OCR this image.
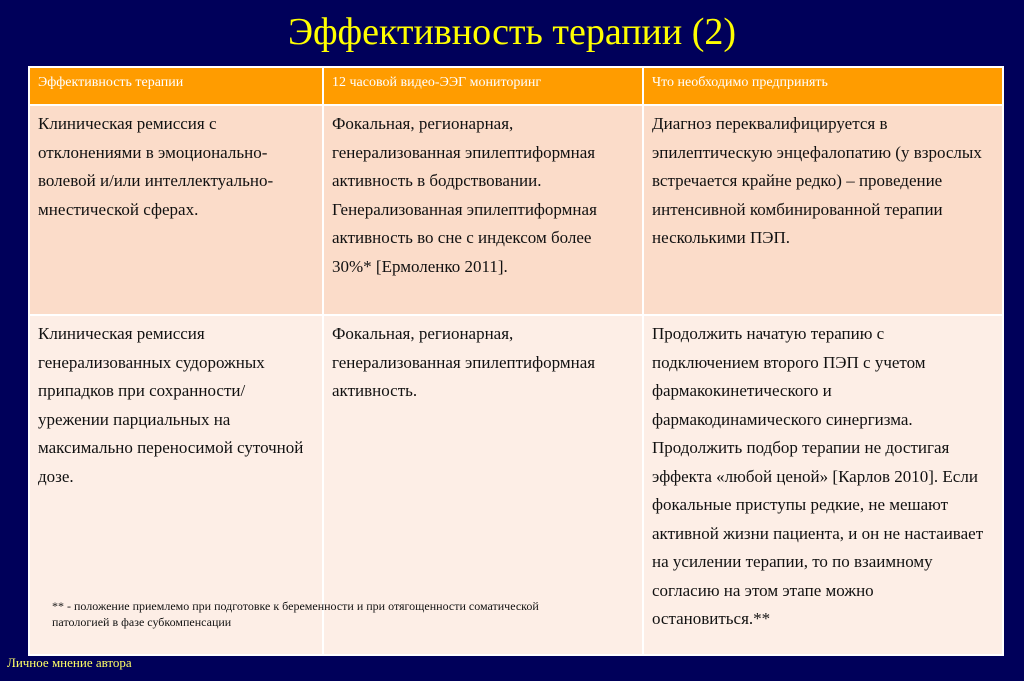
Эффективность терапии (2)
Эффективность терапии	12 часовой видео-ЭЭГ мониторинг	Что необходимо предпринять
Клиническая ремиссия с отклонениями в эмоционально-волевой и/или интеллектуально-мнестической сферах.	Фокальная, регионарная, генерализованная эпилептиформная активность в бодрствовании. Генерализованная эпилептиформная активность во сне с индексом более 30%* [Ермоленко 2011].	Диагноз переквалифицируется в эпилептическую энцефалопатию (у взрослых встречается крайне редко) – проведение интенсивной комбинированной терапии несколькими ПЭП.
Клиническая ремиссия генерализованных судорожных припадков при сохранности/урежении парциальных на максимально переносимой суточной дозе.	Фокальная, регионарная, генерализованная эпилептиформная активность.	Продолжить начатую терапию с подключением второго ПЭП с учетом фармакокинетического и фармакодинамического синергизма. Продолжить подбор терапии не достигая эффекта «любой ценой» [Карлов 2010]. Если фокальные приступы редкие, не мешают активной жизни пациента, и он не настаивает на усилении терапии, то по взаимному согласию на этом этапе можно остановиться.**
** - положение приемлемо при подготовке к беременности и при отягощенности соматической патологией в фазе субкомпенсации
Личное мнение автора
